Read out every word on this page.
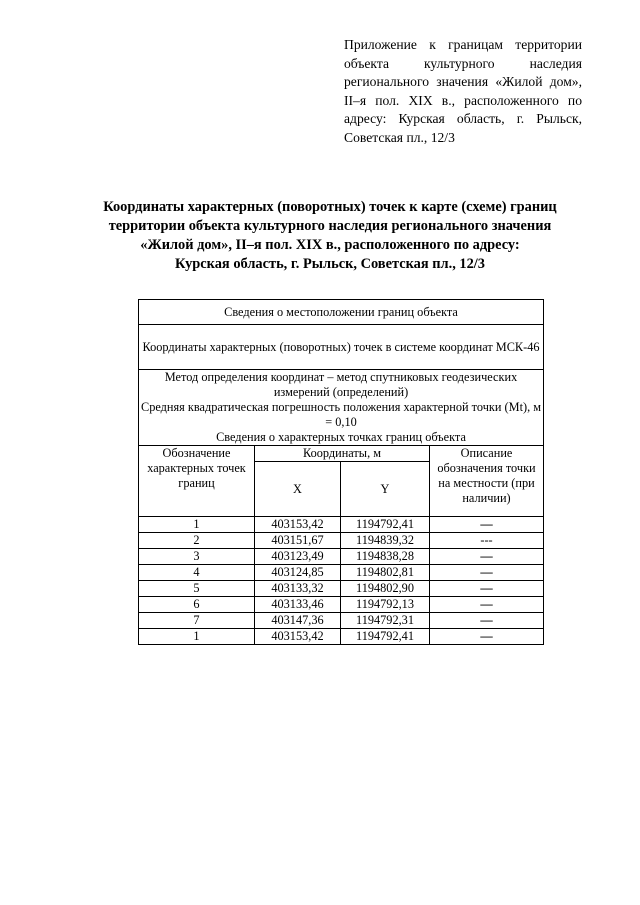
Приложение к границам территории объекта культурного наследия регионального значения «Жилой дом», II–я пол. XIX в., расположенного по адресу: Курская область, г. Рыльск, Советская пл., 12/3
Координаты характерных (поворотных) точек к карте (схеме) границ
территории объекта культурного наследия регионального значения
«Жилой дом», II–я пол. XIX в., расположенного по адресу:
Курская область, г. Рыльск, Советская пл., 12/3
Сведения о местоположении границ объекта			
Координаты характерных (поворотных) точек в системе координат МСК-46			

Метод определения координат – метод спутниковых геодезических измерений (определений)
Средняя квадратическая погрешность положения характерной точки (Mt), м = 0,10
Сведения о характерных точках границ объекта			

Обозначение характерных точек границ	Координаты, м		Описание обозначения точки на местности (при наличии)
	X	Y	
1	403153,42	1194792,41	—
2	403151,67	1194839,32	---
3	403123,49	1194838,28	—
4	403124,85	1194802,81	—
5	403133,32	1194802,90	—
6	403133,46	1194792,13	—
7	403147,36	1194792,31	—
1	403153,42	1194792,41	—
